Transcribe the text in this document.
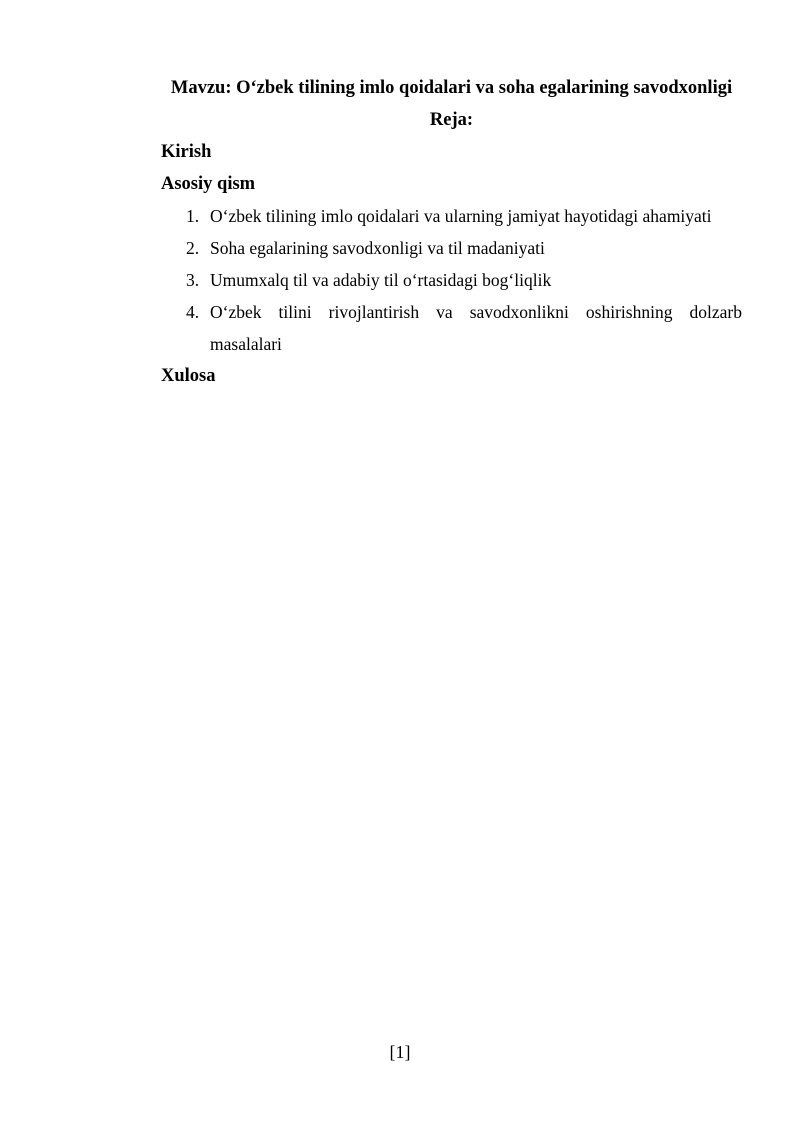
Mavzu: O‘zbek tilining imlo qoidalari va soha egalarining savodxonligi

Reja:

Kirish

Asosiy qism

1. O‘zbek tilining imlo qoidalari va ularning jamiyat hayotidagi ahamiyati
2. Soha egalarining savodxonligi va til madaniyati
3. Umumxalq til va adabiy til o‘rtasidagi bog‘liqlik
4. O‘zbek tilini rivojlantirish va savodxonlikni oshirishning dolzarb masalalari

Xulosa

[1]
